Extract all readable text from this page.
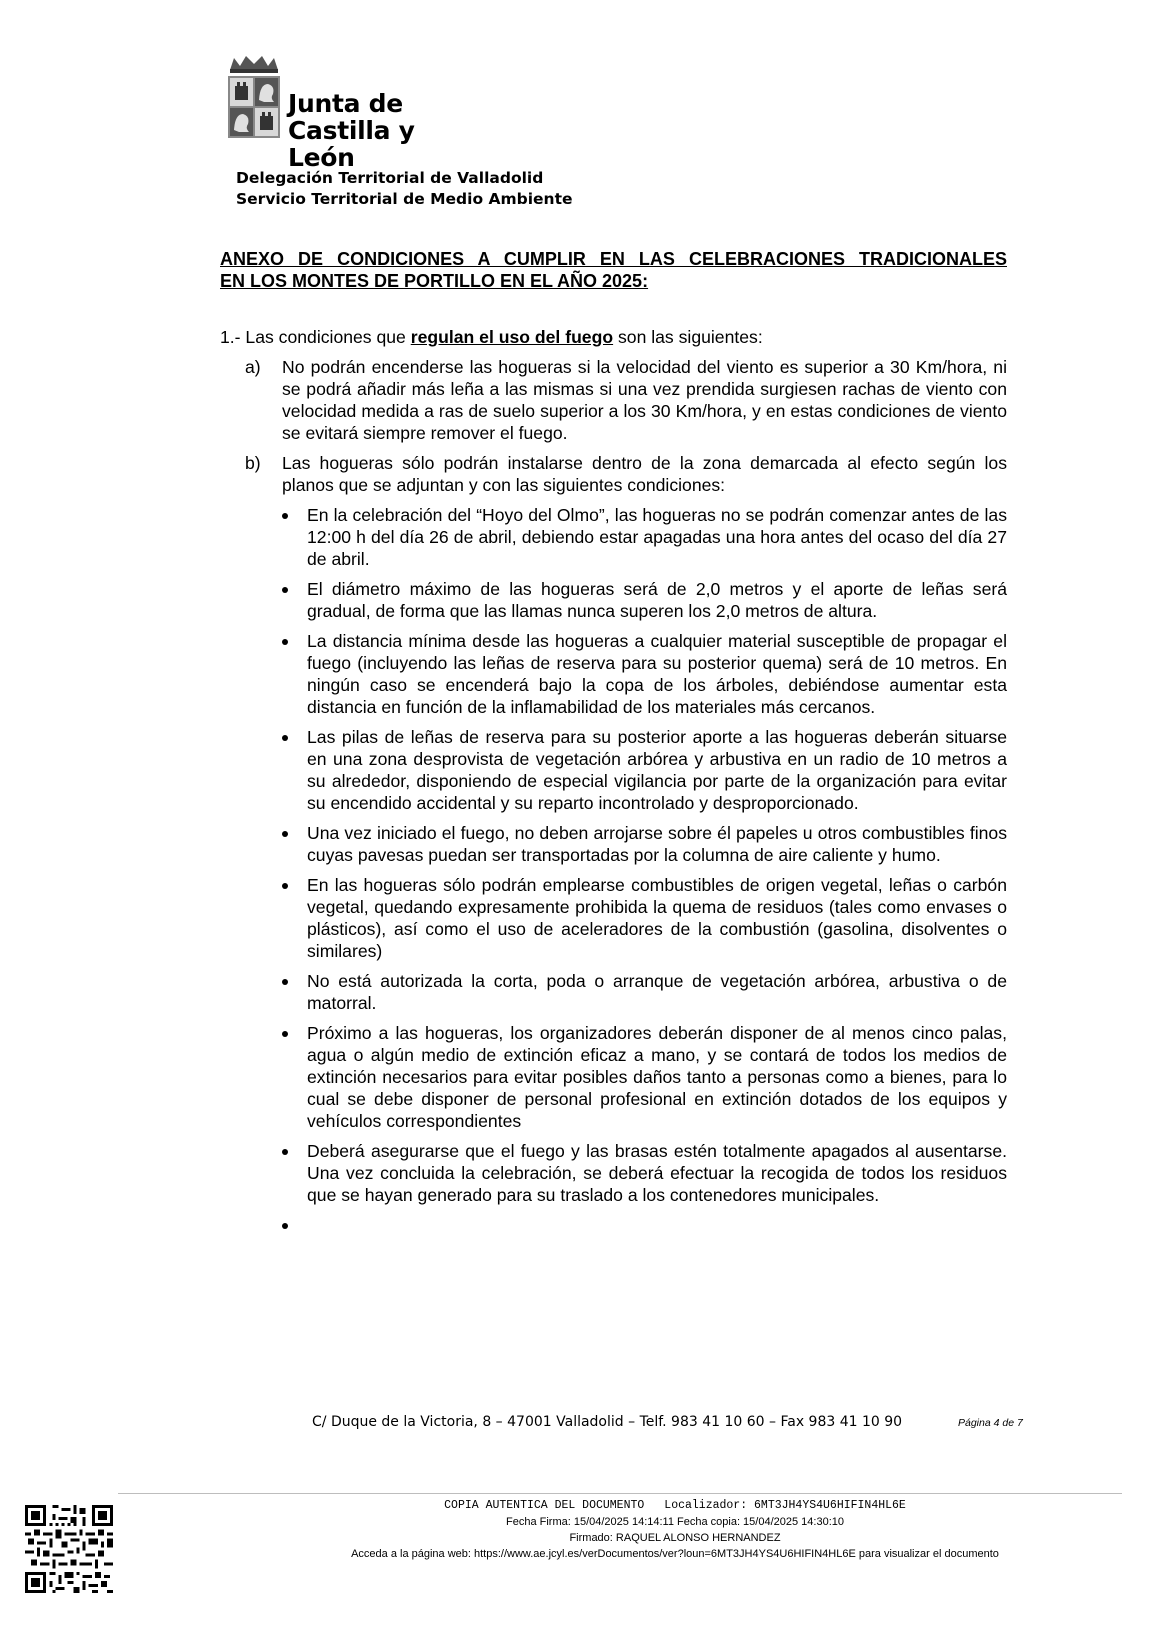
Junta de
Castilla y León
Delegación Territorial de Valladolid
Servicio Territorial de Medio Ambiente
ANEXO DE CONDICIONES A CUMPLIR EN LAS CELEBRACIONES TRADICIONALES
EN LOS MONTES DE PORTILLO EN EL AÑO 2025:
1.- Las condiciones que regulan el uso del fuego son las siguientes:
a) No podrán encenderse las hogueras si la velocidad del viento es superior a 30 Km/hora, ni se podrá añadir más leña a las mismas si una vez prendida surgiesen rachas de viento con velocidad medida a ras de suelo superior a los 30 Km/hora, y en estas condiciones de viento se evitará siempre remover el fuego.
b) Las hogueras sólo podrán instalarse dentro de la zona demarcada al efecto según los planos que se adjuntan y con las siguientes condiciones:
En la celebración del “Hoyo del Olmo”, las hogueras no se podrán comenzar antes de las 12:00 h del día 26 de abril, debiendo estar apagadas una hora antes del ocaso del día 27 de abril.
El diámetro máximo de las hogueras será de 2,0 metros y el aporte de leñas será gradual, de forma que las llamas nunca superen los 2,0 metros de altura.
La distancia mínima desde las hogueras a cualquier material susceptible de propagar el fuego (incluyendo las leñas de reserva para su posterior quema) será de 10 metros. En ningún caso se encenderá bajo la copa de los árboles, debiéndose aumentar esta distancia en función de la inflamabilidad de los materiales más cercanos.
Las pilas de leñas de reserva para su posterior aporte a las hogueras deberán situarse en una zona desprovista de vegetación arbórea y arbustiva en un radio de 10 metros a su alrededor, disponiendo de especial vigilancia por parte de la organización para evitar su encendido accidental y su reparto incontrolado y desproporcionado.
Una vez iniciado el fuego, no deben arrojarse sobre él papeles u otros combustibles finos cuyas pavesas puedan ser transportadas por la columna de aire caliente y humo.
En las hogueras sólo podrán emplearse combustibles de origen vegetal, leñas o carbón vegetal, quedando expresamente prohibida la quema de residuos (tales como envases o plásticos), así como el uso de aceleradores de la combustión (gasolina, disolventes o similares)
No está autorizada la corta, poda o arranque de vegetación arbórea, arbustiva o de matorral.
Próximo a las hogueras, los organizadores deberán disponer de al menos cinco palas, agua o algún medio de extinción eficaz a mano, y se contará de todos los medios de extinción necesarios para evitar posibles daños tanto a personas como a bienes, para lo cual se debe disponer de personal profesional en extinción dotados de los equipos y vehículos correspondientes
Deberá asegurarse que el fuego y las brasas estén totalmente apagados al ausentarse. Una vez concluida la celebración, se deberá efectuar la recogida de todos los residuos que se hayan generado para su traslado a los contenedores municipales.
C/ Duque de la Victoria, 8 – 47001 Valladolid – Telf. 983 41 10 60 – Fax 983 41 10 90	Página 4 de 7
COPIA AUTENTICA DEL DOCUMENTO Localizador: 6MT3JH4YS4U6HIFIN4HL6E
Fecha Firma: 15/04/2025 14:14:11 Fecha copia: 15/04/2025 14:30:10
Firmado: RAQUEL ALONSO HERNANDEZ
Acceda a la página web: https://www.ae.jcyl.es/verDocumentos/ver?loun=6MT3JH4YS4U6HIFIN4HL6E para visualizar el documento
